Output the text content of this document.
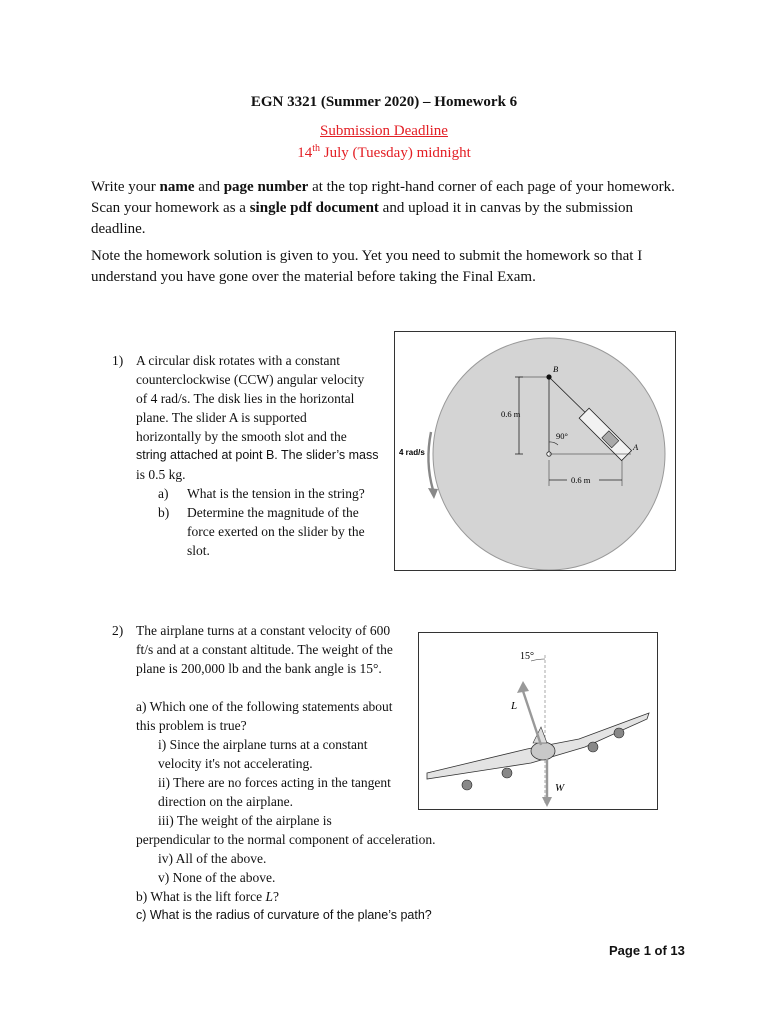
EGN 3321 (Summer 2020) – Homework 6
Submission Deadline
14th July (Tuesday) midnight
Write your name and page number at the top right-hand corner of each page of your homework.
Scan your homework as a single pdf document and upload it in canvas by the submission
deadline.
Note the homework solution is given to you. Yet you need to submit the homework so that I
understand you have gone over the material before taking the Final Exam.
1) A circular disk rotates with a constant
counterclockwise (CCW) angular velocity
of 4 rad/s. The disk lies in the horizontal
plane. The slider A is supported
horizontally by the smooth slot and the
string attached at point B. The slider’s mass
is 0.5 kg.
a) What is the tension in the string?
b) Determine the magnitude of the
force exerted on the slider by the
slot.
0.6 m
90°
B
A
0.6 m
4 rad/s
2) The airplane turns at a constant velocity of 600
ft/s and at a constant altitude. The weight of the
plane is 200,000 lb and the bank angle is 15°.
a) Which one of the following statements about
this problem is true?
i) Since the airplane turns at a constant
velocity it's not accelerating.
ii) There are no forces acting in the tangent
direction on the airplane.
iii) The weight of the airplane is
perpendicular to the normal component of acceleration.
iv) All of the above.
v) None of the above.
b) What is the lift force L?
c) What is the radius of curvature of the plane’s path?
15°
L
W
Page 1 of 13
